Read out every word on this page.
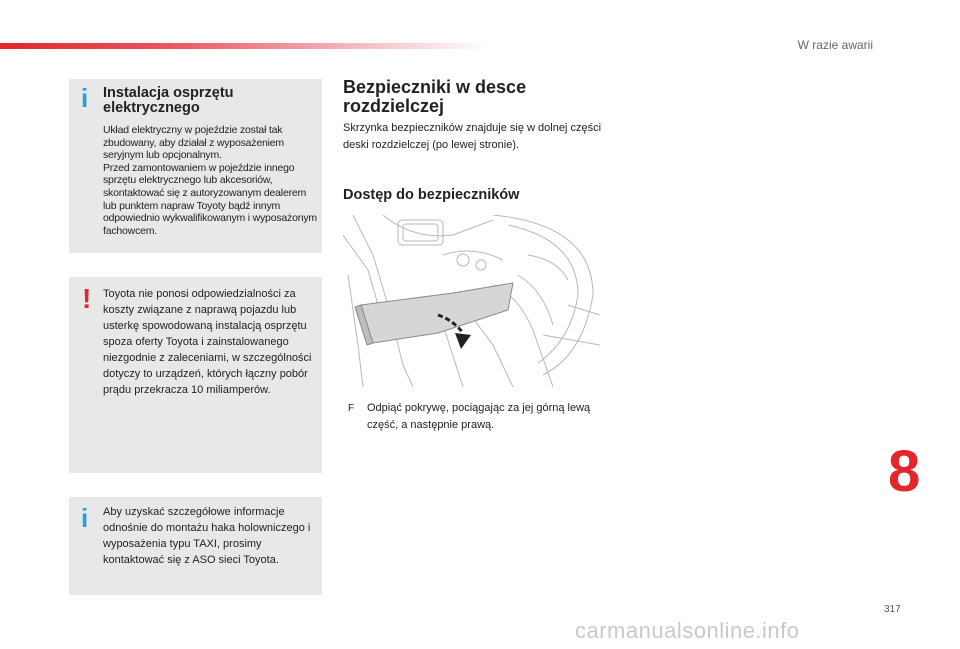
W razie awarii
i Instalacja osprzętu elektrycznego

Układ elektryczny w pojeździe został tak zbudowany, aby działał z wyposażeniem seryjnym lub opcjonalnym.

Przed zamontowaniem w pojeździe innego sprzętu elektrycznego lub akcesoriów, skontaktować się z autoryzowanym dealerem lub punktem napraw Toyoty bądź innym odpowiednio wykwalifikowanym i wyposażonym fachowcem.

! Toyota nie ponosi odpowiedzialności za koszty związane z naprawą pojazdu lub usterkę spowodowaną instalacją osprzętu spoza oferty Toyota i zainstalowanego niezgodnie z zaleceniami, w szczególności dotyczy to urządzeń, których łączny pobór prądu przekracza 10 miliamperów.
i Aby uzyskać szczegółowe informacje odnośnie do montażu haka holowniczego i wyposażenia typu TAXI, prosimy kontaktować się z ASO sieci Toyota.
Bezpieczniki w desce rozdzielczej
Skrzynka bezpieczników znajduje się w dolnej części deski rozdzielczej (po lewej stronie).
Dostęp do bezpieczników
F Odpiąć pokrywę, pociągając za jej górną lewą część, a następnie prawą.
8
317
carmanualsonline.info
